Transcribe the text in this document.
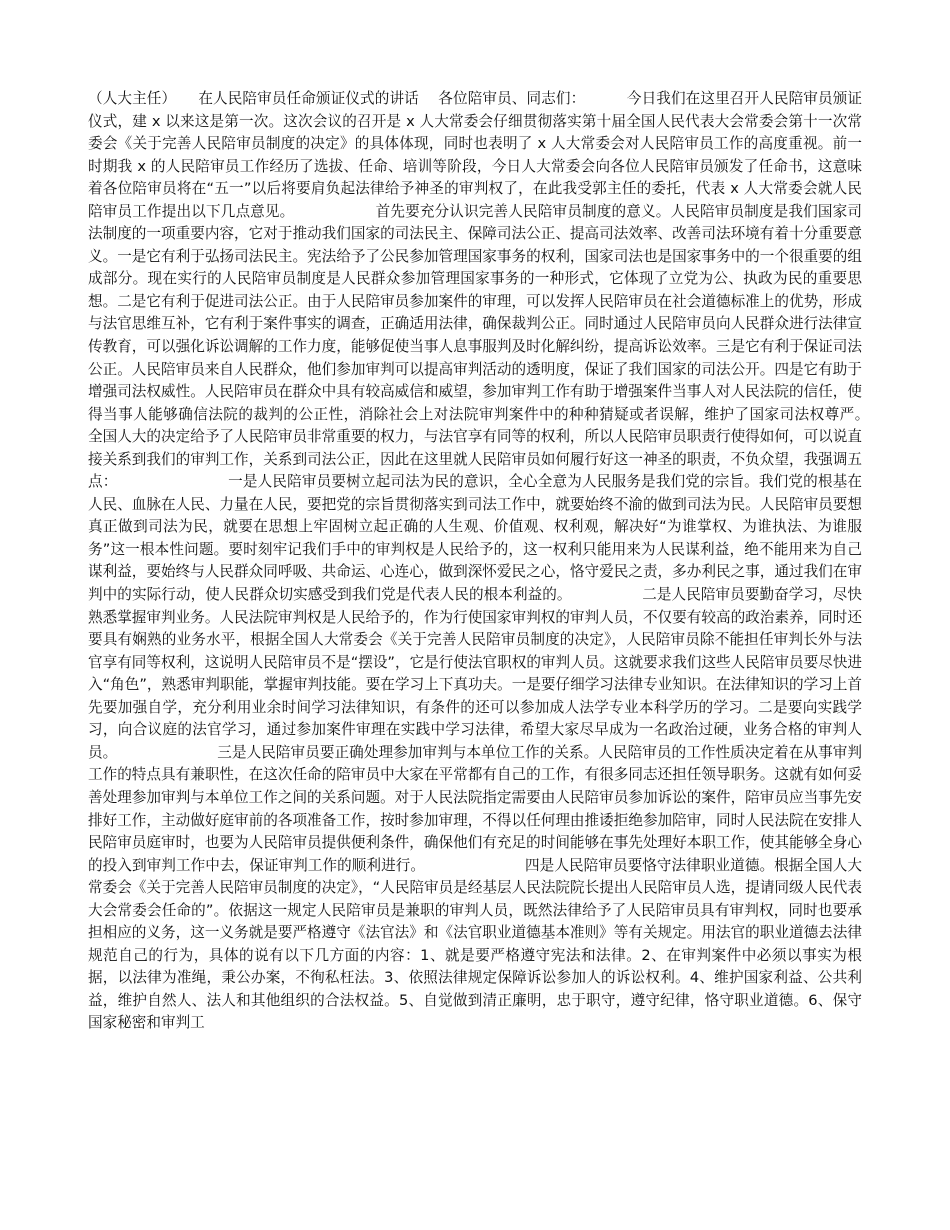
（人大主任）　　在人民陪审员任命颁证仪式的讲话　 各位陪审员、同志们：　　　 今日我们在这里召开人民陪审员颁证仪式，建 x 以来这是第一次。这次会议的召开是 x 人大常委会仔细贯彻落实第十届全国人民代表大会常委会第十一次常委会《关于完善人民陪审员制度的决定》的具体体现，同时也表明了 x 人大常委会对人民陪审员工作的高度重视。前一时期我 x 的人民陪审员工作经历了选拔、任命、培训等阶段，今日人大常委会向各位人民陪审员颁发了任命书，这意味着各位陪审员将在“五一”以后将要肩负起法律给予神圣的审判权了，在此我受郭主任的委托，代表 x 人大常委会就人民陪审员工作提出以下几点意见。　　　　　　首先要充分认识完善人民陪审员制度的意义。人民陪审员制度是我们国家司法制度的一项重要内容，它对于推动我们国家的司法民主、保障司法公正、提高司法效率、改善司法环境有着十分重要意义。一是它有利于弘扬司法民主。宪法给予了公民参加管理国家事务的权利，国家司法也是国家事务中的一个很重要的组成部分。现在实行的人民陪审员制度是人民群众参加管理国家事务的一种形式，它体现了立党为公、执政为民的重要思想。二是它有利于促进司法公正。由于人民陪审员参加案件的审理，可以发挥人民陪审员在社会道德标准上的优势，形成与法官思维互补，它有利于案件事实的调查，正确适用法律，确保裁判公正。同时通过人民陪审员向人民群众进行法律宣传教育，可以强化诉讼调解的工作力度，能够促使当事人息事服判及时化解纠纷，提高诉讼效率。三是它有利于保证司法公正。人民陪审员来自人民群众，他们参加审判可以提高审判活动的透明度，保证了我们国家的司法公开。四是它有助于增强司法权威性。人民陪审员在群众中具有较高威信和威望，参加审判工作有助于增强案件当事人对人民法院的信任，使得当事人能够确信法院的裁判的公正性，消除社会上对法院审判案件中的种种猜疑或者误解，维护了国家司法权尊严。　　　　　　全国人大的决定给予了人民陪审员非常重要的权力，与法官享有同等的权利，所以人民陪审员职责行使得如何，可以说直接关系到我们的审判工作，关系到司法公正，因此在这里就人民陪审员如何履行好这一神圣的职责，不负众望，我强调五点：　　　　　　　　一是人民陪审员要树立起司法为民的意识，全心全意为人民服务是我们党的宗旨。我们党的根基在人民、血脉在人民、力量在人民，要把党的宗旨贯彻落实到司法工作中，就要始终不渝的做到司法为民。人民陪审员要想真正做到司法为民，就要在思想上牢固树立起正确的人生观、价值观、权利观，解决好“为谁掌权、为谁执法、为谁服务”这一根本性问题。要时刻牢记我们手中的审判权是人民给予的，这一权利只能用来为人民谋利益，绝不能用来为自己谋利益，要始终与人民群众同呼吸、共命运、心连心，做到深怀爱民之心，恪守爱民之责，多办利民之事，通过我们在审判中的实际行动，使人民群众切实感受到我们党是代表人民的根本利益的。　　　　　 二是人民陪审员要勤奋学习，尽快熟悉掌握审判业务。人民法院审判权是人民给予的，作为行使国家审判权的审判人员，不仅要有较高的政治素养，同时还要具有娴熟的业务水平，根据全国人大常委会《关于完善人民陪审员制度的决定》，人民陪审员除不能担任审判长外与法官享有同等权利，这说明人民陪审员不是“摆设”，它是行使法官职权的审判人员。这就要求我们这些人民陪审员要尽快进入“角色”，熟悉审判职能，掌握审判技能。要在学习上下真功夫。一是要仔细学习法律专业知识。在法律知识的学习上首先要加强自学，充分利用业余时间学习法律知识，有条件的还可以参加成人法学专业本科学历的学习。二是要向实践学习，向合议庭的法官学习，通过参加案件审理在实践中学习法律，希望大家尽早成为一名政治过硬，业务合格的审判人员。　　　　　　　 三是人民陪审员要正确处理参加审判与本单位工作的关系。人民陪审员的工作性质决定着在从事审判工作的特点具有兼职性，在这次任命的陪审员中大家在平常都有自己的工作，有很多同志还担任领导职务。这就有如何妥善处理参加审判与本单位工作之间的关系问题。对于人民法院指定需要由人民陪审员参加诉讼的案件，陪审员应当事先安排好工作，主动做好庭审前的各项准备工作，按时参加审理，不得以任何理由推诿拒绝参加陪审，同时人民法院在安排人民陪审员庭审时，也要为人民陪审员提供便利条件，确保他们有充足的时间能够在事先处理好本职工作，使其能够全身心的投入到审判工作中去，保证审判工作的顺利进行。　　　　　　　 四是人民陪审员要恪守法律职业道德。根据全国人大常委会《关于完善人民陪审员制度的决定》，“人民陪审员是经基层人民法院院长提出人民陪审员人选，提请同级人民代表大会常委会任命的”。依据这一规定人民陪审员是兼职的审判人员，既然法律给予了人民陪审员具有审判权，同时也要承担相应的义务，这一义务就是要严格遵守《法官法》和《法官职业道德基本准则》等有关规定。用法官的职业道德去法律规范自己的行为，具体的说有以下几方面的内容：1、就是要严格遵守宪法和法律。2、在审判案件中必须以事实为根据，以法律为准绳，秉公办案，不徇私枉法。3、依照法律规定保障诉讼参加人的诉讼权利。4、维护国家利益、公共利益，维护自然人、法人和其他组织的合法权益。5、自觉做到清正廉明，忠于职守，遵守纪律，恪守职业道德。6、保守国家秘密和审判工
